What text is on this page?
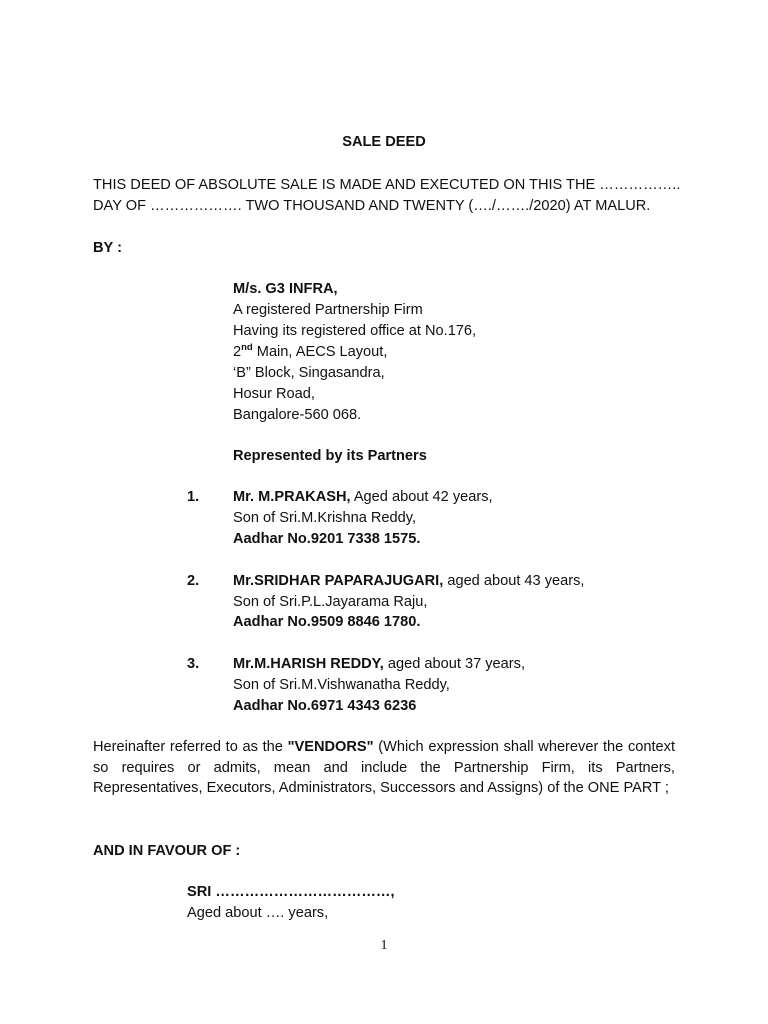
SALE DEED
THIS DEED OF ABSOLUTE SALE IS MADE AND EXECUTED ON THIS THE ……………..
DAY OF ………………. TWO THOUSAND AND TWENTY (…./……./2020) AT MALUR.
BY :
M/s. G3 INFRA,
A registered Partnership Firm
Having its registered office at No.176,
2nd Main, AECS Layout,
‘B” Block, Singasandra,
Hosur Road,
Bangalore-560 068.
Represented by its Partners
1. Mr. M.PRAKASH, Aged about 42 years,
Son of Sri.M.Krishna Reddy,
Aadhar No.9201 7338 1575.
2. Mr.SRIDHAR PAPARAJUGARI, aged about 43 years,
Son of Sri.P.L.Jayarama Raju,
Aadhar No.9509 8846 1780.
3. Mr.M.HARISH REDDY, aged about 37 years,
Son of Sri.M.Vishwanatha Reddy,
Aadhar No.6971 4343 6236
Hereinafter referred to as the "VENDORS" (Which expression shall wherever the context so requires or admits, mean and include the Partnership Firm, its Partners, Representatives, Executors, Administrators, Successors and Assigns) of the ONE PART ;
AND IN FAVOUR OF :
SRI ………………………………,
Aged about …. years,
1
